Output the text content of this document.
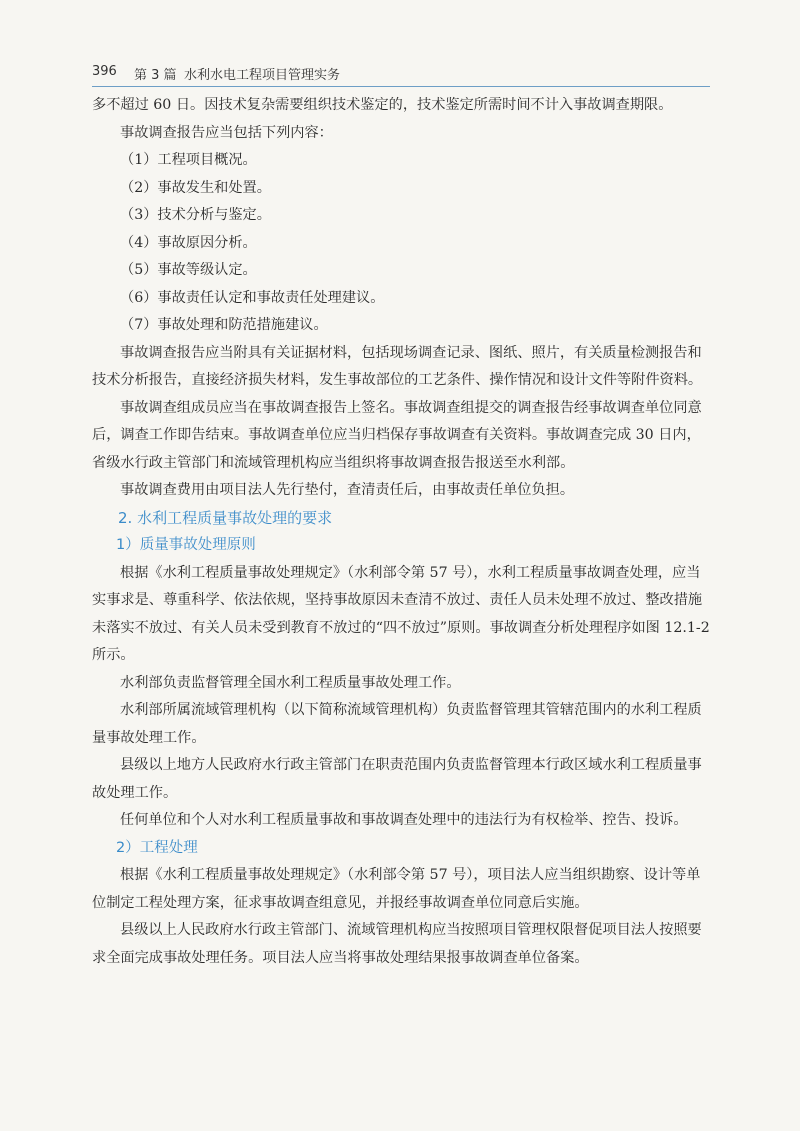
396 第 3 篇 水利水电工程项目管理实务

多不超过 60 日。因技术复杂需要组织技术鉴定的，技术鉴定所需时间不计入事故调查期限。

事故调查报告应当包括下列内容：

（1）工程项目概况。

（2）事故发生和处置。

（3）技术分析与鉴定。

（4）事故原因分析。

（5）事故等级认定。

（6）事故责任认定和事故责任处理建议。

（7）事故处理和防范措施建议。

事故调查报告应当附具有关证据材料，包括现场调查记录、图纸、照片，有关质量检测报告和技术分析报告，直接经济损失材料，发生事故部位的工艺条件、操作情况和设计文件等附件资料。

事故调查组成员应当在事故调查报告上签名。事故调查组提交的调查报告经事故调查单位同意后，调查工作即告结束。事故调查单位应当归档保存事故调查有关资料。事故调查完成 30 日内，省级水行政主管部门和流域管理机构应当组织将事故调查报告报送至水利部。

事故调查费用由项目法人先行垫付，查清责任后，由事故责任单位负担。

2. 水利工程质量事故处理的要求
1）质量事故处理原则

根据《水利工程质量事故处理规定》（水利部令第 57 号），水利工程质量事故调查处理，应当实事求是、尊重科学、依法依规，坚持事故原因未查清不放过、责任人员未处理不放过、整改措施未落实不放过、有关人员未受到教育不放过的“四不放过”原则。事故调查分析处理程序如图 12.1-2 所示。

水利部负责监督管理全国水利工程质量事故处理工作。

水利部所属流域管理机构（以下简称流域管理机构）负责监督管理其管辖范围内的水利工程质量事故处理工作。

县级以上地方人民政府水行政主管部门在职责范围内负责监督管理本行政区域水利工程质量事故处理工作。

任何单位和个人对水利工程质量事故和事故调查处理中的违法行为有权检举、控告、投诉。

2）工程处理

根据《水利工程质量事故处理规定》（水利部令第 57 号），项目法人应当组织勘察、设计等单位制定工程处理方案，征求事故调查组意见，并报经事故调查单位同意后实施。

县级以上人民政府水行政主管部门、流域管理机构应当按照项目管理权限督促项目法人按照要求全面完成事故处理任务。项目法人应当将事故处理结果报事故调查单位备案。
